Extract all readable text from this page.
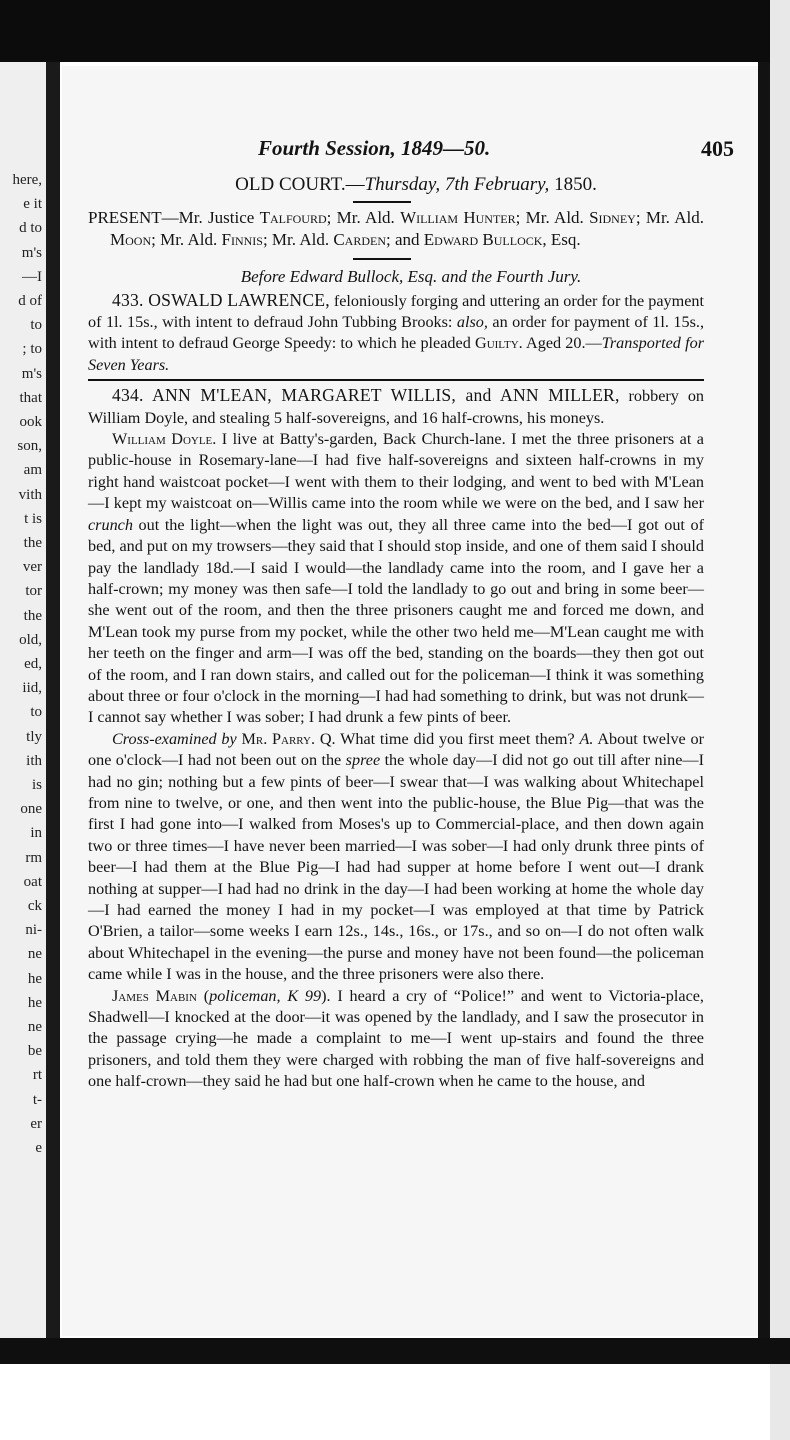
here,
e it
d to
m's
—I
d of
to
; to
m's
that
ook
son,
am
vith
t is
the
ver
tor
the
old,
ed,
iid,
to
tly
ith
is
one
in
rm
oat
ck
ni-
ne
he
he
ne
be
rt
t-
er
e
Fourth Session, 1849—50.	405

OLD COURT.—Thursday, 7th February, 1850.

PRESENT—Mr. Justice Talfourd; Mr. Ald. William Hunter; Mr. Ald. Sidney; Mr. Ald. Moon; Mr. Ald. Finnis; Mr. Ald. Carden; and Edward Bullock, Esq.

Before Edward Bullock, Esq. and the Fourth Jury.

433. OSWALD LAWRENCE, feloniously forging and uttering an order for the payment of 1l. 15s., with intent to defraud John Tubbing Brooks: also, an order for payment of 1l. 15s., with intent to defraud George Speedy: to which he pleaded Guilty. Aged 20.—Transported for Seven Years.

434. ANN M'LEAN, MARGARET WILLIS, and ANN MILLER, robbery on William Doyle, and stealing 5 half-sovereigns, and 16 half-crowns, his moneys.

William Doyle. I live at Batty's-garden, Back Church-lane. I met the three prisoners at a public-house in Rosemary-lane—I had five half-sovereigns and sixteen half-crowns in my right hand waistcoat pocket—I went with them to their lodging, and went to bed with M'Lean—I kept my waistcoat on—Willis came into the room while we were on the bed, and I saw her crunch out the light—when the light was out, they all three came into the bed—I got out of bed, and put on my trowsers—they said that I should stop inside, and one of them said I should pay the landlady 18d.—I said I would—the landlady came into the room, and I gave her a half-crown; my money was then safe—I told the landlady to go out and bring in some beer—she went out of the room, and then the three prisoners caught me and forced me down, and M'Lean took my purse from my pocket, while the other two held me—M'Lean caught me with her teeth on the finger and arm—I was off the bed, standing on the boards—they then got out of the room, and I ran down stairs, and called out for the policeman—I think it was something about three or four o'clock in the morning—I had had something to drink, but was not drunk—I cannot say whether I was sober; I had drunk a few pints of beer.

Cross-examined by Mr. Parry. Q. What time did you first meet them? A. About twelve or one o'clock—I had not been out on the spree the whole day—I did not go out till after nine—I had no gin; nothing but a few pints of beer—I swear that—I was walking about Whitechapel from nine to twelve, or one, and then went into the public-house, the Blue Pig—that was the first I had gone into—I walked from Moses's up to Commercial-place, and then down again two or three times—I have never been married—I was sober—I had only drunk three pints of beer—I had them at the Blue Pig—I had had supper at home before I went out—I drank nothing at supper—I had had no drink in the day—I had been working at home the whole day—I had earned the money I had in my pocket—I was employed at that time by Patrick O'Brien, a tailor—some weeks I earn 12s., 14s., 16s., or 17s., and so on—I do not often walk about Whitechapel in the evening—the purse and money have not been found—the policeman came while I was in the house, and the three prisoners were also there.

James Mabin (policeman, K 99). I heard a cry of “Police!” and went to Victoria-place, Shadwell—I knocked at the door—it was opened by the landlady, and I saw the prosecutor in the passage crying—he made a complaint to me—I went up-stairs and found the three prisoners, and told them they were charged with robbing the man of five half-sovereigns and one half-crown—they said he had but one half-crown when he came to the house, and
